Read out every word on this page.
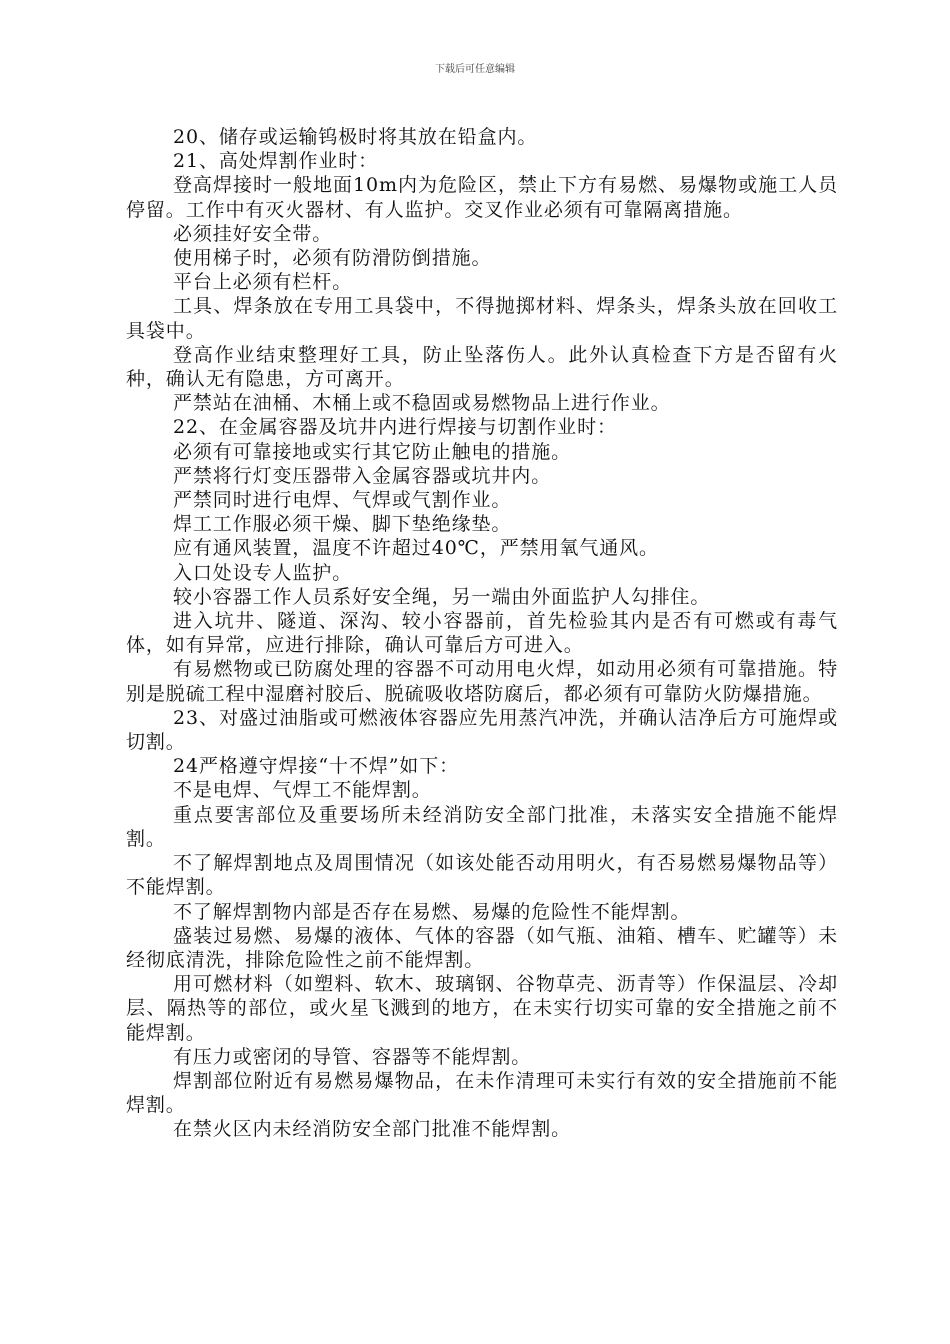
下载后可任意编辑

20、储存或运输钨极时将其放在铅盒内。

21、高处焊割作业时：

登高焊接时一般地面10m内为危险区，禁止下方有易燃、易爆物或施工人员停留。工作中有灭火器材、有人监护。交叉作业必须有可靠隔离措施。

必须挂好安全带。

使用梯子时，必须有防滑防倒措施。

平台上必须有栏杆。

工具、焊条放在专用工具袋中，不得抛掷材料、焊条头，焊条头放在回收工具袋中。

登高作业结束整理好工具，防止坠落伤人。此外认真检查下方是否留有火种，确认无有隐患，方可离开。

严禁站在油桶、木桶上或不稳固或易燃物品上进行作业。

22、在金属容器及坑井内进行焊接与切割作业时：

必须有可靠接地或实行其它防止触电的措施。

严禁将行灯变压器带入金属容器或坑井内。

严禁同时进行电焊、气焊或气割作业。

焊工工作服必须干燥、脚下垫绝缘垫。

应有通风装置，温度不许超过40℃，严禁用氧气通风。

入口处设专人监护。

较小容器工作人员系好安全绳，另一端由外面监护人勾排住。

进入坑井、隧道、深沟、较小容器前，首先检验其内是否有可燃或有毒气体，如有异常，应进行排除，确认可靠后方可进入。

有易燃物或已防腐处理的容器不可动用电火焊，如动用必须有可靠措施。特别是脱硫工程中湿磨衬胶后、脱硫吸收塔防腐后，都必须有可靠防火防爆措施。

23、对盛过油脂或可燃液体容器应先用蒸汽冲洗，并确认洁净后方可施焊或切割。

24严格遵守焊接“十不焊”如下：

不是电焊、气焊工不能焊割。

重点要害部位及重要场所未经消防安全部门批准，未落实安全措施不能焊割。

不了解焊割地点及周围情况（如该处能否动用明火，有否易燃易爆物品等）不能焊割。

不了解焊割物内部是否存在易燃、易爆的危险性不能焊割。

盛装过易燃、易爆的液体、气体的容器（如气瓶、油箱、槽车、贮罐等）未经彻底清洗，排除危险性之前不能焊割。

用可燃材料（如塑料、软木、玻璃钢、谷物草壳、沥青等）作保温层、冷却层、隔热等的部位，或火星飞溅到的地方，在未实行切实可靠的安全措施之前不能焊割。

有压力或密闭的导管、容器等不能焊割。

焊割部位附近有易燃易爆物品，在未作清理可未实行有效的安全措施前不能焊割。

在禁火区内未经消防安全部门批准不能焊割。
